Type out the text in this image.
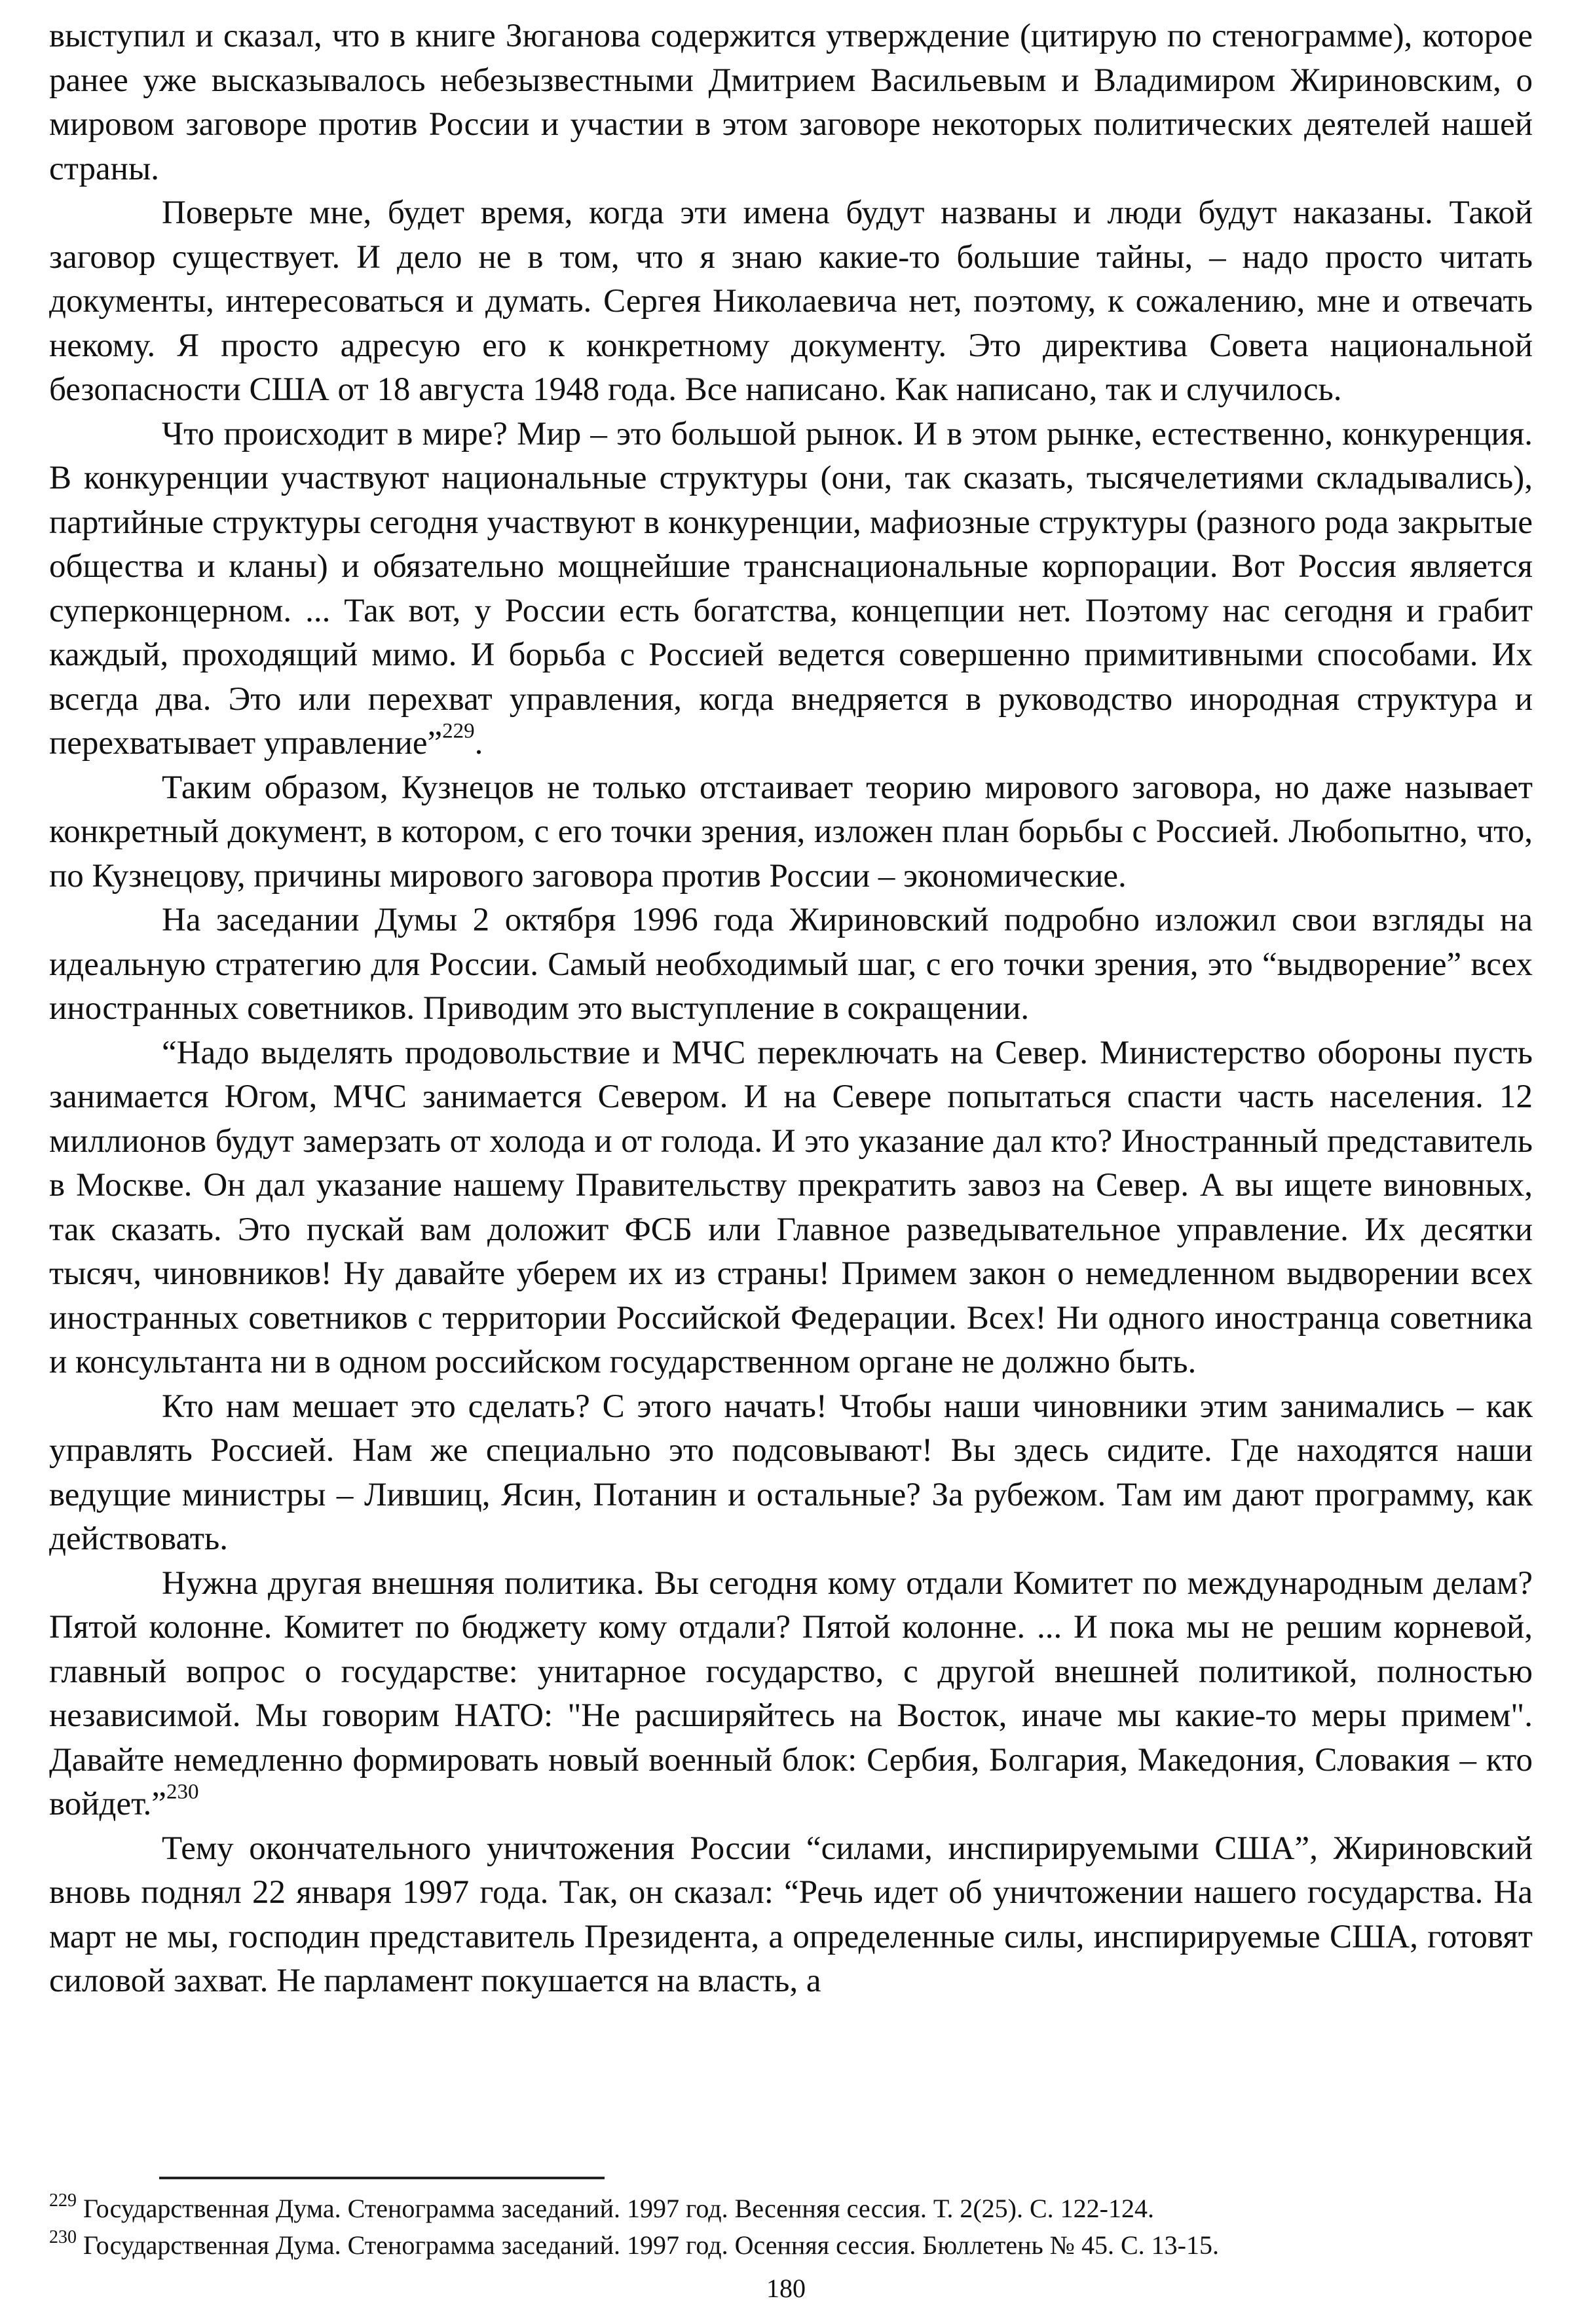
выступил и сказал, что в книге Зюганова содержится утверждение (цитирую по стенограмме), которое ранее уже высказывалось небезызвестными Дмитрием Васильевым и Владимиром Жириновским, о мировом заговоре против России и участии в этом заговоре некоторых политических деятелей нашей страны.

Поверьте мне, будет время, когда эти имена будут названы и люди будут наказаны. Такой заговор существует. И дело не в том, что я знаю какие-то большие тайны, – надо просто читать документы, интересоваться и думать. Сергея Николаевича нет, поэтому, к сожалению, мне и отвечать некому. Я просто адресую его к конкретному документу. Это директива Совета национальной безопасности США от 18 августа 1948 года. Все написано. Как написано, так и случилось.

Что происходит в мире? Мир – это большой рынок. И в этом рынке, естественно, конкуренция. В конкуренции участвуют национальные структуры (они, так сказать, тысячелетиями складывались), партийные структуры сегодня участвуют в конкуренции, мафиозные структуры (разного рода закрытые общества и кланы) и обязательно мощнейшие транснациональные корпорации. Вот Россия является суперконцерном. ... Так вот, у России есть богатства, концепции нет. Поэтому нас сегодня и грабит каждый, проходящий мимо. И борьба с Россией ведется совершенно примитивными способами. Их всегда два. Это или перехват управления, когда внедряется в руководство инородная структура и перехватывает управление”$^{229}$.

Таким образом, Кузнецов не только отстаивает теорию мирового заговора, но даже называет конкретный документ, в котором, с его точки зрения, изложен план борьбы с Россией. Любопытно, что, по Кузнецову, причины мирового заговора против России – экономические.

На заседании Думы 2 октября 1996 года Жириновский подробно изложил свои взгляды на идеальную стратегию для России. Самый необходимый шаг, с его точки зрения, это “выдворение” всех иностранных советников. Приводим это выступление в сокращении.

“Надо выделять продовольствие и МЧС переключать на Север. Министерство обороны пусть занимается Югом, МЧС занимается Севером. И на Севере попытаться спасти часть населения. 12 миллионов будут замерзать от холода и от голода. И это указание дал кто? Иностранный представитель в Москве. Он дал указание нашему Правительству прекратить завоз на Север. А вы ищете виновных, так сказать. Это пускай вам доложит ФСБ или Главное разведывательное управление. Их десятки тысяч, чиновников! Ну давайте уберем их из страны! Примем закон о немедленном выдворении всех иностранных советников с территории Российской Федерации. Всех! Ни одного иностранца советника и консультанта ни в одном российском государственном органе не должно быть.

Кто нам мешает это сделать? С этого начать! Чтобы наши чиновники этим занимались – как управлять Россией. Нам же специально это подсовывают! Вы здесь сидите. Где находятся наши ведущие министры – Лившиц, Ясин, Потанин и остальные? За рубежом. Там им дают программу, как действовать.

Нужна другая внешняя политика. Вы сегодня кому отдали Комитет по международным делам? Пятой колонне. Комитет по бюджету кому отдали? Пятой колонне. ... И пока мы не решим корневой, главный вопрос о государстве: унитарное государство, с другой внешней политикой, полностью независимой. Мы говорим НАТО: "Не расширяйтесь на Восток, иначе мы какие-то меры примем". Давайте немедленно формировать новый военный блок: Сербия, Болгария, Македония, Словакия – кто войдет.”$^{230}$

Тему окончательного уничтожения России “силами, инспирируемыми США”, Жириновский вновь поднял 22 января 1997 года. Так, он сказал: “Речь идет об уничтожении нашего государства. На март не мы, господин представитель Президента, а определенные силы, инспирируемые США, готовят силовой захват. Не парламент покушается на власть, а

$^{229}$ Государственная Дума. Стенограмма заседаний. 1997 год. Весенняя сессия. Т. 2(25). С. 122-124.

$^{230}$ Государственная Дума. Стенограмма заседаний. 1997 год. Осенняя сессия. Бюллетень № 45. С. 13-15.

180
